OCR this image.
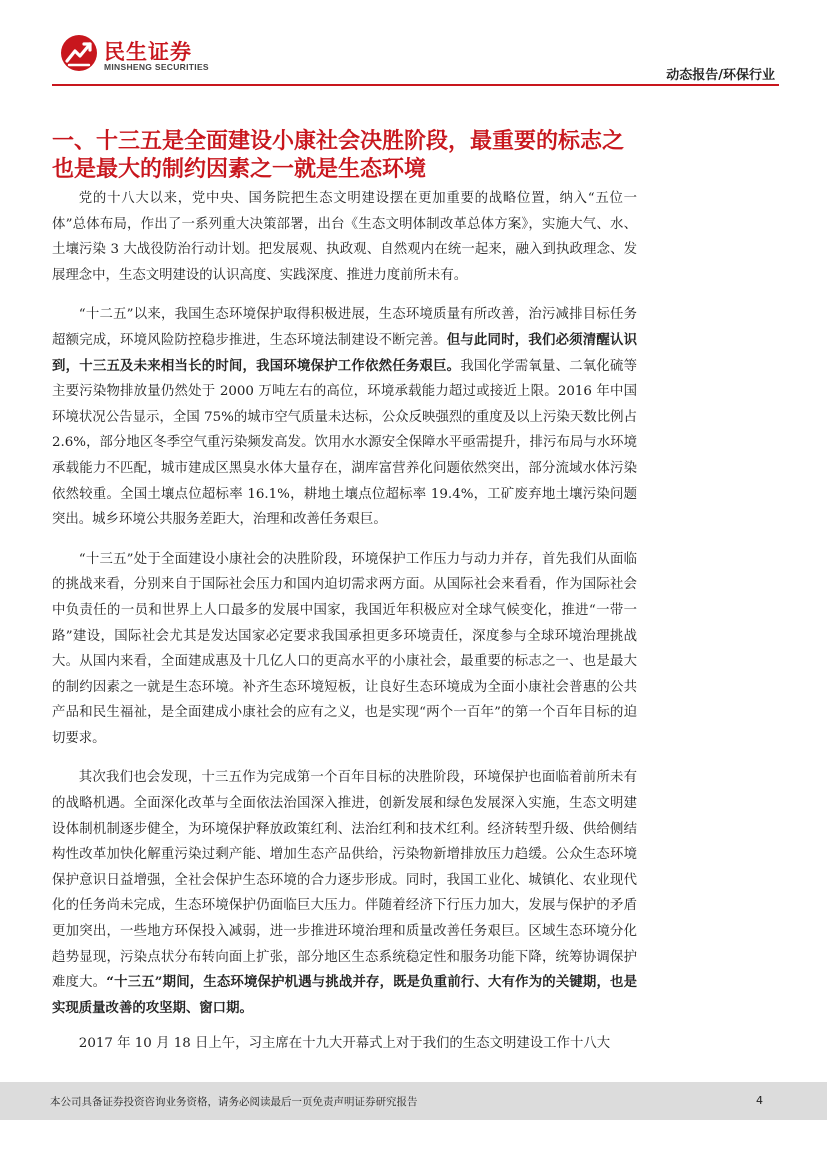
民生证券
MINSHENG SECURITIES
动态报告/环保行业
一、十三五是全面建设小康社会决胜阶段，最重要的标志之也是最大的制约因素之一就是生态环境

党的十八大以来，党中央、国务院把生态文明建设摆在更加重要的战略位置，纳入“五位一体”总体布局，作出了一系列重大决策部署，出台《生态文明体制改革总体方案》，实施大气、水、土壤污染 3 大战役防治行动计划。把发展观、执政观、自然观内在统一起来，融入到执政理念、发展理念中，生态文明建设的认识高度、实践深度、推进力度前所未有。

“十二五”以来，我国生态环境保护取得积极进展，生态环境质量有所改善，治污减排目标任务超额完成，环境风险防控稳步推进，生态环境法制建设不断完善。但与此同时，我们必须清醒认识到，十三五及未来相当长的时间，我国环境保护工作依然任务艰巨。我国化学需氧量、二氧化硫等主要污染物排放量仍然处于 2000 万吨左右的高位，环境承载能力超过或接近上限。2016 年中国环境状况公告显示，全国 75%的城市空气质量未达标，公众反映强烈的重度及以上污染天数比例占 2.6%，部分地区冬季空气重污染频发高发。饮用水水源安全保障水平亟需提升，排污布局与水环境承载能力不匹配，城市建成区黑臭水体大量存在，湖库富营养化问题依然突出，部分流域水体污染依然较重。全国土壤点位超标率 16.1%，耕地土壤点位超标率 19.4%，工矿废弃地土壤污染问题突出。城乡环境公共服务差距大，治理和改善任务艰巨。

“十三五”处于全面建设小康社会的决胜阶段，环境保护工作压力与动力并存，首先我们从面临的挑战来看，分别来自于国际社会压力和国内迫切需求两方面。从国际社会来看看，作为国际社会中负责任的一员和世界上人口最多的发展中国家，我国近年积极应对全球气候变化，推进“一带一路”建设，国际社会尤其是发达国家必定要求我国承担更多环境责任，深度参与全球环境治理挑战大。从国内来看，全面建成惠及十几亿人口的更高水平的小康社会，最重要的标志之一、也是最大的制约因素之一就是生态环境。补齐生态环境短板，让良好生态环境成为全面小康社会普惠的公共产品和民生福祉，是全面建成小康社会的应有之义，也是实现“两个一百年”的第一个百年目标的迫切要求。

其次我们也会发现，十三五作为完成第一个百年目标的决胜阶段，环境保护也面临着前所未有的战略机遇。全面深化改革与全面依法治国深入推进，创新发展和绿色发展深入实施，生态文明建设体制机制逐步健全，为环境保护释放政策红利、法治红利和技术红利。经济转型升级、供给侧结构性改革加快化解重污染过剩产能、增加生态产品供给，污染物新增排放压力趋缓。公众生态环境保护意识日益增强，全社会保护生态环境的合力逐步形成。同时，我国工业化、城镇化、农业现代化的任务尚未完成，生态环境保护仍面临巨大压力。伴随着经济下行压力加大，发展与保护的矛盾更加突出，一些地方环保投入减弱，进一步推进环境治理和质量改善任务艰巨。区域生态环境分化趋势显现，污染点状分布转向面上扩张，部分地区生态系统稳定性和服务功能下降，统筹协调保护难度大。“十三五”期间，生态环境保护机遇与挑战并存，既是负重前行、大有作为的关键期，也是实现质量改善的攻坚期、窗口期。

2017 年 10 月 18 日上午，习主席在十九大开幕式上对于我们的生态文明建设工作十八大

本公司具备证券投资咨询业务资格，请务必阅读最后一页免责声明证券研究报告	4
